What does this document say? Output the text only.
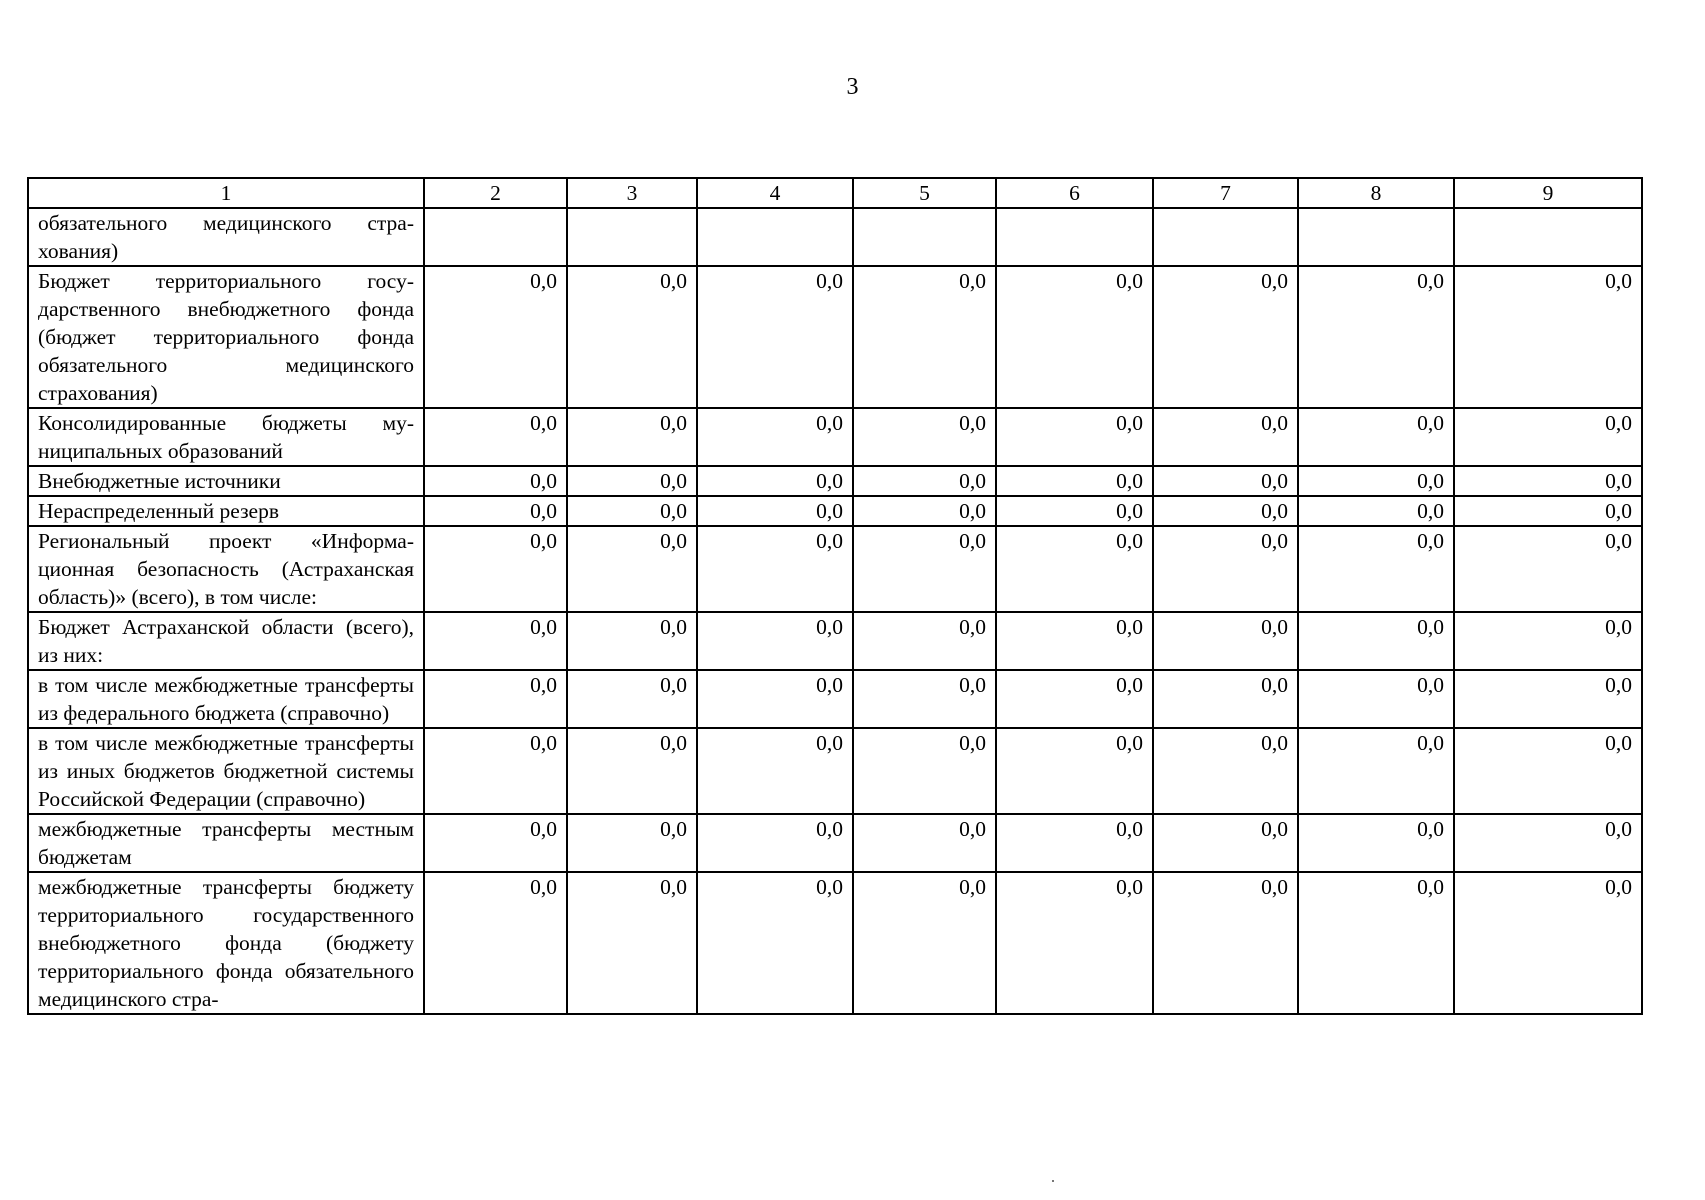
3
1	2	3	4	5	6	7	8	9
обязательного медицинского страхования)								
Бюджет территориального государственного внебюджетного фонда (бюджет территориального фонда обязательного медицинского страхования)	0,0	0,0	0,0	0,0	0,0	0,0	0,0	0,0
Консолидированные бюджеты муниципальных образований	0,0	0,0	0,0	0,0	0,0	0,0	0,0	0,0
Внебюджетные источники	0,0	0,0	0,0	0,0	0,0	0,0	0,0	0,0
Нераспределенный резерв	0,0	0,0	0,0	0,0	0,0	0,0	0,0	0,0
Региональный проект «Информационная безопасность (Астраханская область)» (всего), в том числе:	0,0	0,0	0,0	0,0	0,0	0,0	0,0	0,0
Бюджет Астраханской области (всего), из них:	0,0	0,0	0,0	0,0	0,0	0,0	0,0	0,0
в том числе межбюджетные трансферты из федерального бюджета (справочно)	0,0	0,0	0,0	0,0	0,0	0,0	0,0	0,0
в том числе межбюджетные трансферты из иных бюджетов бюджетной системы Российской Федерации (справочно)	0,0	0,0	0,0	0,0	0,0	0,0	0,0	0,0
межбюджетные трансферты местным бюджетам	0,0	0,0	0,0	0,0	0,0	0,0	0,0	0,0
межбюджетные трансферты бюджету территориального государственного внебюджетного фонда (бюджету территориального фонда обязательного медицинского стра-	0,0	0,0	0,0	0,0	0,0	0,0	0,0	0,0
